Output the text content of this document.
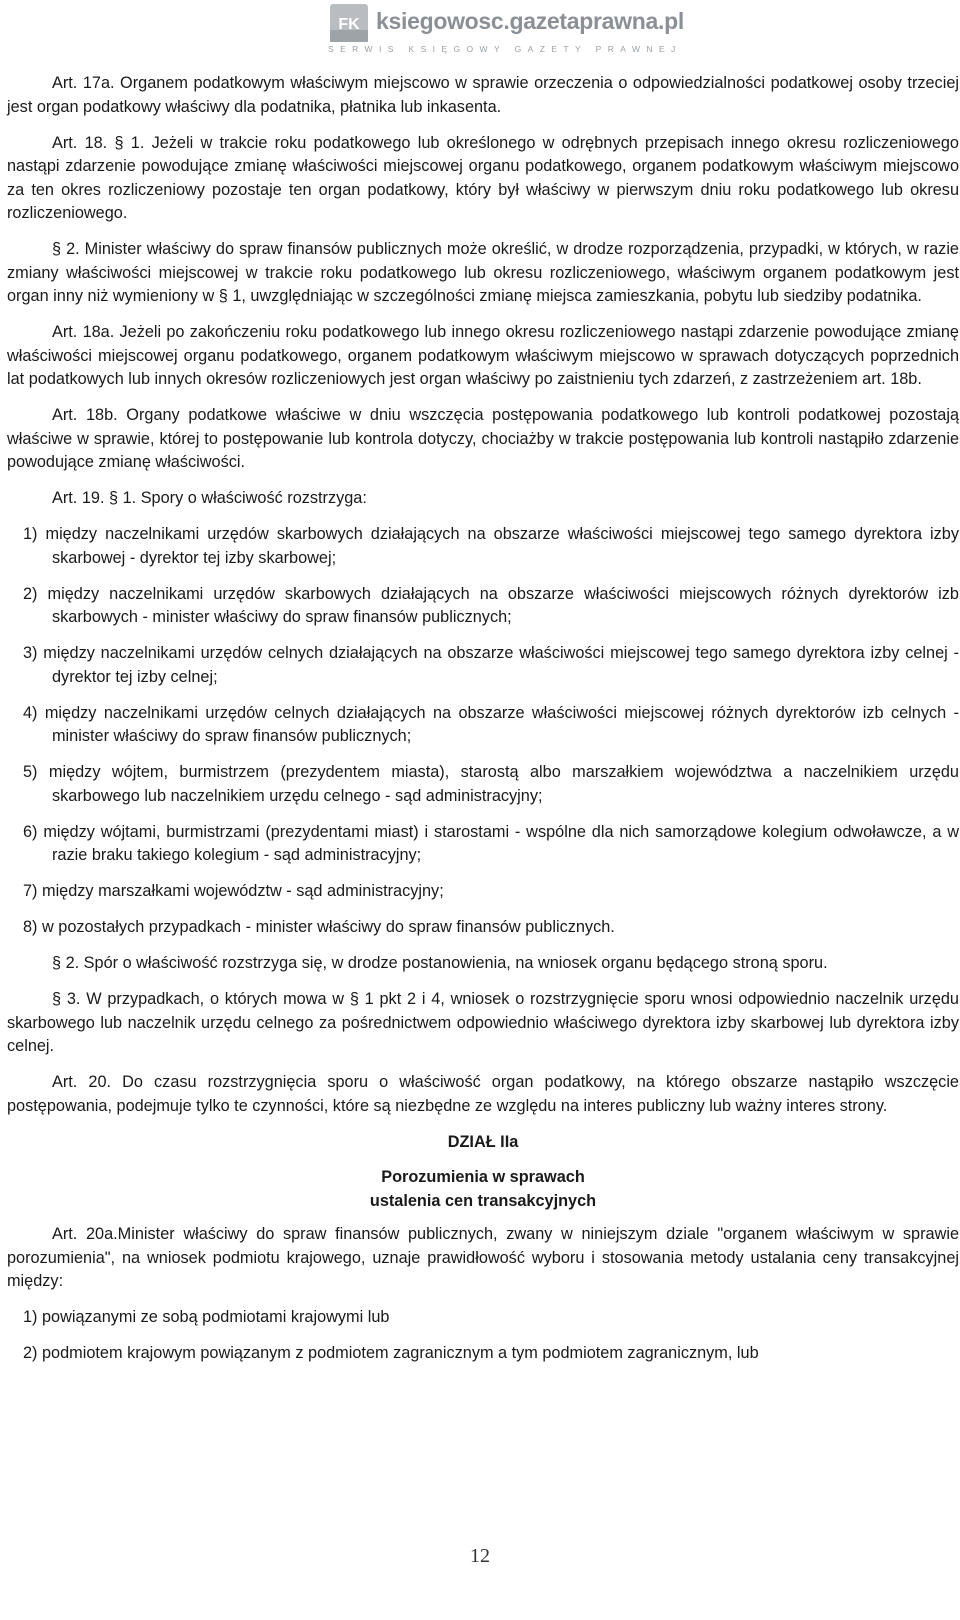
FK ksiegowosc.gazetaprawna.pl
SERWIS KSIĘGOWY GAZETY PRAWNEJ

Art. 17a. Organem podatkowym właściwym miejscowo w sprawie orzeczenia o odpowiedzialności podatkowej osoby trzeciej jest organ podatkowy właściwy dla podatnika, płatnika lub inkasenta.

Art. 18. § 1. Jeżeli w trakcie roku podatkowego lub określonego w odrębnych przepisach innego okresu rozliczeniowego nastąpi zdarzenie powodujące zmianę właściwości miejscowej organu podatkowego, organem podatkowym właściwym miejscowo za ten okres rozliczeniowy pozostaje ten organ podatkowy, który był właściwy w pierwszym dniu roku podatkowego lub okresu rozliczeniowego.

§ 2. Minister właściwy do spraw finansów publicznych może określić, w drodze rozporządzenia, przypadki, w których, w razie zmiany właściwości miejscowej w trakcie roku podatkowego lub okresu rozliczeniowego, właściwym organem podatkowym jest organ inny niż wymieniony w § 1, uwzględniając w szczególności zmianę miejsca zamieszkania, pobytu lub siedziby podatnika.

Art. 18a. Jeżeli po zakończeniu roku podatkowego lub innego okresu rozliczeniowego nastąpi zdarzenie powodujące zmianę właściwości miejscowej organu podatkowego, organem podatkowym właściwym miejscowo w sprawach dotyczących poprzednich lat podatkowych lub innych okresów rozliczeniowych jest organ właściwy po zaistnieniu tych zdarzeń, z zastrzeżeniem art. 18b.

Art. 18b. Organy podatkowe właściwe w dniu wszczęcia postępowania podatkowego lub kontroli podatkowej pozostają właściwe w sprawie, której to postępowanie lub kontrola dotyczy, chociażby w trakcie postępowania lub kontroli nastąpiło zdarzenie powodujące zmianę właściwości.

Art. 19. § 1. Spory o właściwość rozstrzyga:

1) między naczelnikami urzędów skarbowych działających na obszarze właściwości miejscowej tego samego dyrektora izby skarbowej - dyrektor tej izby skarbowej;

2) między naczelnikami urzędów skarbowych działających na obszarze właściwości miejscowych różnych dyrektorów izb skarbowych - minister właściwy do spraw finansów publicznych;

3) między naczelnikami urzędów celnych działających na obszarze właściwości miejscowej tego samego dyrektora izby celnej - dyrektor tej izby celnej;

4) między naczelnikami urzędów celnych działających na obszarze właściwości miejscowej różnych dyrektorów izb celnych - minister właściwy do spraw finansów publicznych;

5) między wójtem, burmistrzem (prezydentem miasta), starostą albo marszałkiem województwa a naczelnikiem urzędu skarbowego lub naczelnikiem urzędu celnego - sąd administracyjny;

6) między wójtami, burmistrzami (prezydentami miast) i starostami - wspólne dla nich samorządowe kolegium odwoławcze, a w razie braku takiego kolegium - sąd administracyjny;

7) między marszałkami województw - sąd administracyjny;

8) w pozostałych przypadkach - minister właściwy do spraw finansów publicznych.

§ 2. Spór o właściwość rozstrzyga się, w drodze postanowienia, na wniosek organu będącego stroną sporu.

§ 3. W przypadkach, o których mowa w § 1 pkt 2 i 4, wniosek o rozstrzygnięcie sporu wnosi odpowiednio naczelnik urzędu skarbowego lub naczelnik urzędu celnego za pośrednictwem odpowiednio właściwego dyrektora izby skarbowej lub dyrektora izby celnej.

Art. 20. Do czasu rozstrzygnięcia sporu o właściwość organ podatkowy, na którego obszarze nastąpiło wszczęcie postępowania, podejmuje tylko te czynności, które są niezbędne ze względu na interes publiczny lub ważny interes strony.

DZIAŁ IIa

Porozumienia w sprawach
ustalenia cen transakcyjnych

Art. 20a.Minister właściwy do spraw finansów publicznych, zwany w niniejszym dziale "organem właściwym w sprawie porozumienia", na wniosek podmiotu krajowego, uznaje prawidłowość wyboru i stosowania metody ustalania ceny transakcyjnej między:

1) powiązanymi ze sobą podmiotami krajowymi lub

2) podmiotem krajowym powiązanym z podmiotem zagranicznym a tym podmiotem zagranicznym, lub

12
